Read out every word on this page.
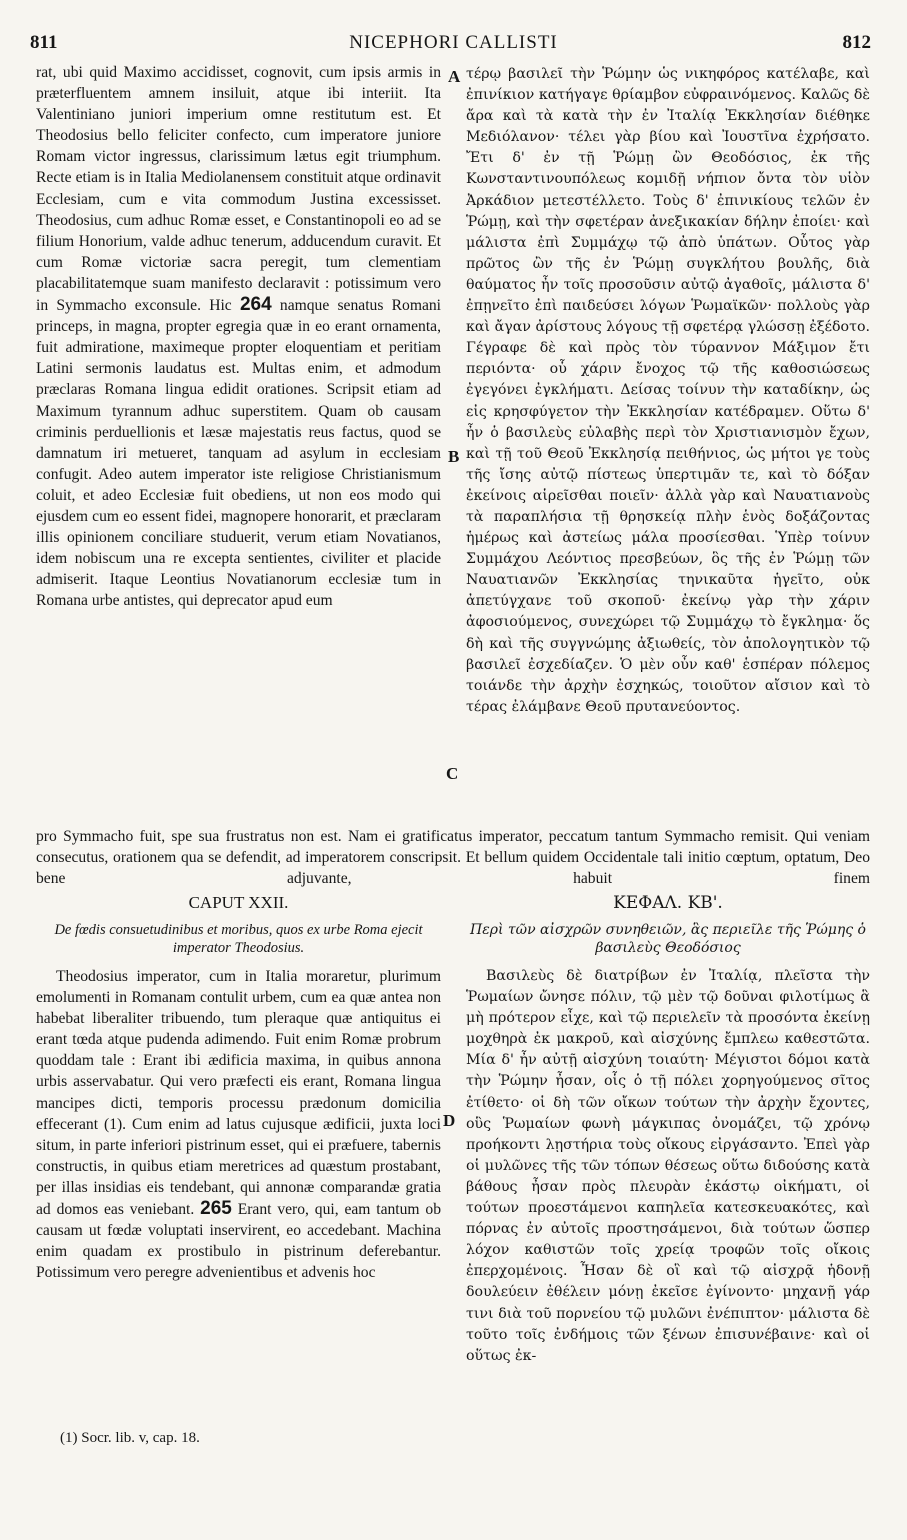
811	NICEPHORI CALLISTI	812

rat, ubi quid Maximo accidisset, cognovit, cum ipsis armis in præterfluentem amnem insiluit, atque ibi interiit. Ita Valentiniano juniori imperium omne restitutum est. Et Theodosius bello feliciter confecto, cum imperatore juniore Romam victor ingressus, clarissimum lætus egit triumphum. Recte etiam is in Italia Mediolanensem constituit atque ordinavit Ecclesiam, cum e vita commodum Justina excessisset. Theodosius, cum adhuc Romæ esset, e Constantinopoli eo ad se filium Honorium, valde adhuc tenerum, adducendum curavit. Et cum Romæ victoriæ sacra peregit, tum clementiam placabilitatemque suam manifesto declaravit : potissimum vero in Symmacho exconsule. Hic 264 namque senatus Romani princeps, in magna, propter egregia quæ in eo erant ornamenta, fuit admiratione, maximeque propter eloquentiam et peritiam Latini sermonis laudatus est. Multas enim, et admodum præclaras Romana lingua edidit orationes. Scripsit etiam ad Maximum tyrannum adhuc superstitem. Quam ob causam criminis perduellionis et læsæ majestatis reus factus, quod se damnatum iri metueret, tanquam ad asylum in ecclesiam confugit. Adeo autem imperator iste religiose Christianismum coluit, et adeo Ecclesiæ fuit obediens, ut non eos modo qui ejusdem cum eo essent fidei, magnopere honorarit, et præclaram illis opinionem conciliare studuerit, verum etiam Novatianos, idem nobiscum una re excepta sentientes, civiliter et placide admiserit. Itaque Leontius Novatianorum ecclesiæ tum in Romana urbe antistes, qui deprecator apud eum

A
B
C
D

τέρῳ βασιλεῖ τὴν Ῥώμην ὡς νικηφόρος κατέλαβε, καὶ ἐπινίκιον κατήγαγε θρίαμβον εὐφραινόμενος. Καλῶς δὲ ἄρα καὶ τὰ κατὰ τὴν ἐν Ἰταλίᾳ Ἐκκλησίαν διέθηκε Μεδιόλανον· τέλει γὰρ βίου καὶ Ἰουστῖνα ἐχρήσατο. Ἔτι δ' ἐν τῇ Ῥώμῃ ὢν Θεοδόσιος, ἐκ τῆς Κωνσταντινουπόλεως κομιδῇ νήπιον ὄντα τὸν υἱὸν Ἀρκάδιον μετεστέλλετο. Τοὺς δ' ἐπινικίους τελῶν ἐν Ῥώμῃ, καὶ τὴν σφετέραν ἀνεξικακίαν δήλην ἐποίει· καὶ μάλιστα ἐπὶ Συμμάχῳ τῷ ἀπὸ ὑπάτων. Οὗτος γὰρ πρῶτος ὢν τῆς ἐν Ῥώμῃ συγκλήτου βουλῆς, διὰ θαύματος ἦν τοῖς προσοῦσιν αὐτῷ ἀγαθοῖς, μάλιστα δ' ἐπῃνεῖτο ἐπὶ παιδεύσει λόγων Ῥωμαϊκῶν· πολλοὺς γὰρ καὶ ἄγαν ἀρίστους λόγους τῇ σφετέρᾳ γλώσσῃ ἐξέδοτο. Γέγραφε δὲ καὶ πρὸς τὸν τύραννον Μάξιμον ἔτι περιόντα· οὗ χάριν ἔνοχος τῷ τῆς καθοσιώσεως ἐγεγόνει ἐγκλήματι. Δείσας τοίνυν τὴν καταδίκην, ὡς εἰς κρησφύγετον τὴν Ἐκκλησίαν κατέδραμεν. Οὕτω δ' ἦν ὁ βασιλεὺς εὐλαβὴς περὶ τὸν Χριστιανισμὸν ἔχων, καὶ τῇ τοῦ Θεοῦ Ἐκκλησίᾳ πειθήνιος, ὡς μήτοι γε τοὺς τῆς ἴσης αὐτῷ πίστεως ὑπερτιμᾶν τε, καὶ τὸ δόξαν ἐκείνοις αἱρεῖσθαι ποιεῖν· ἀλλὰ γὰρ καὶ Ναυατιανοὺς τὰ παραπλήσια τῇ θρησκείᾳ πλὴν ἑνὸς δοξάζοντας ἡμέρως καὶ ἀστείως μάλα προσίεσθαι. Ὑπὲρ τοίνυν Συμμάχου Λεόντιος πρεσβεύων, ὃς τῆς ἐν Ῥώμῃ τῶν Ναυατιανῶν Ἐκκλησίας τηνικαῦτα ἡγεῖτο, οὐκ ἀπετύγχανε τοῦ σκοποῦ· ἐκείνῳ γὰρ τὴν χάριν ἀφοσιούμενος, συνεχώρει τῷ Συμμάχῳ τὸ ἔγκλημα· ὅς δὴ καὶ τῆς συγγνώμης ἀξιωθείς, τὸν ἀπολογητικὸν τῷ βασιλεῖ ἐσχεδίαζεν. Ὁ μὲν οὖν καθ' ἑσπέραν πόλεμος τοιάνδε τὴν ἀρχὴν ἐσχηκώς, τοιοῦτον αἴσιον καὶ τὸ τέρας ἐλάμβανε Θεοῦ πρυτανεύοντος.

pro Symmacho fuit, spe sua frustratus non est. Nam ei gratificatus imperator, peccatum tantum Symmacho remisit. Qui veniam consecutus, orationem qua se defendit, ad imperatorem conscripsit. Et bellum quidem Occidentale tali initio cœptum, optatum, Deo bene adjuvante, habuit finem

CAPUT XXII.	ΚΕΦΑΛ. ΚΒ'.
De fœdis consuetudinibus et moribus, quos ex urbe Roma ejecit imperator Theodosius.
Περὶ τῶν αἰσχρῶν συνηθειῶν, ἃς περιεῖλε τῆς Ῥώμης ὁ βασιλεὺς Θεοδόσιος
Theodosius imperator, cum in Italia moraretur, plurimum emolumenti in Romanam contulit urbem, cum ea quæ antea non habebat liberaliter tribuendo, tum pleraque quæ antiquitus ei erant tœda atque pudenda adimendo. Fuit enim Romæ probrum quoddam tale : Erant ibi ædificia maxima, in quibus annona urbis asservabatur. Qui vero præfecti eis erant, Romana lingua mancipes dicti, temporis processu prædonum domicilia effecerant (1). Cum enim ad latus cujusque ædificii, juxta loci situm, in parte inferiori pistrinum esset, qui ei præfuere, tabernis constructis, in quibus etiam meretrices ad quæstum prostabant, per illas insidias eis tendebant, qui annonæ comparandæ gratia ad domos eas veniebant. 265 Erant vero, qui, eam tantum ob causam ut fœdæ voluptati inservirent, eo accedebant. Machina enim quadam ex prostibulo in pistrinum deferebantur. Potissimum vero peregre advenientibus et advenis hoc
Βασιλεὺς δὲ διατρίβων ἐν Ἰταλίᾳ, πλεῖστα τὴν Ῥωμαίων ὤνησε πόλιν, τῷ μὲν τῷ δοῦναι φιλοτίμως ἃ μὴ πρότερον εἶχε, καὶ τῷ περιελεῖν τὰ προσόντα ἐκείνῃ μοχθηρὰ ἐκ μακροῦ, καὶ αἰσχύνης ἔμπλεω καθεστῶτα. Μία δ' ἦν αὐτῇ αἰσχύνη τοιαύτη· Μέγιστοι δόμοι κατὰ τὴν Ῥώμην ἦσαν, οἷς ὁ τῇ πόλει χορηγούμενος σῖτος ἐτίθετο· οἱ δὴ τῶν οἴκων τούτων τὴν ἀρχὴν ἔχοντες, οὓς Ῥωμαίων φωνὴ μάγκιπας ὀνομάζει, τῷ χρόνῳ προήκοντι λῃστήρια τοὺς οἴκους εἰργάσαντο. Ἐπεὶ γὰρ οἱ μυλῶνες τῆς τῶν τόπων θέσεως οὕτω διδούσης κατὰ βάθους ἦσαν πρὸς πλευρὰν ἑκάστῳ οἰκήματι, οἱ τούτων προεστάμενοι καπηλεῖα κατεσκευακότες, καὶ πόρνας ἐν αὐτοῖς προστησάμενοι, διὰ τούτων ὥσπερ λόχον καθιστῶν τοῖς χρείᾳ τροφῶν τοῖς οἴκοις ἐπερχομένοις. Ἦσαν δὲ οἳ καὶ τῷ αἰσχρᾷ ἡδονῇ δουλεύειν ἐθέλειν μόνῃ ἐκεῖσε ἐγίνοντο· μηχανῇ γάρ τινι διὰ τοῦ πορνείου τῷ μυλῶνι ἐνέπιπτον· μάλιστα δὲ τοῦτο τοῖς ἐνδήμοις τῶν ξένων ἐπισυνέβαινε· καὶ οἱ οὕτως ἐκ-
(1) Socr. lib. v, cap. 18.
